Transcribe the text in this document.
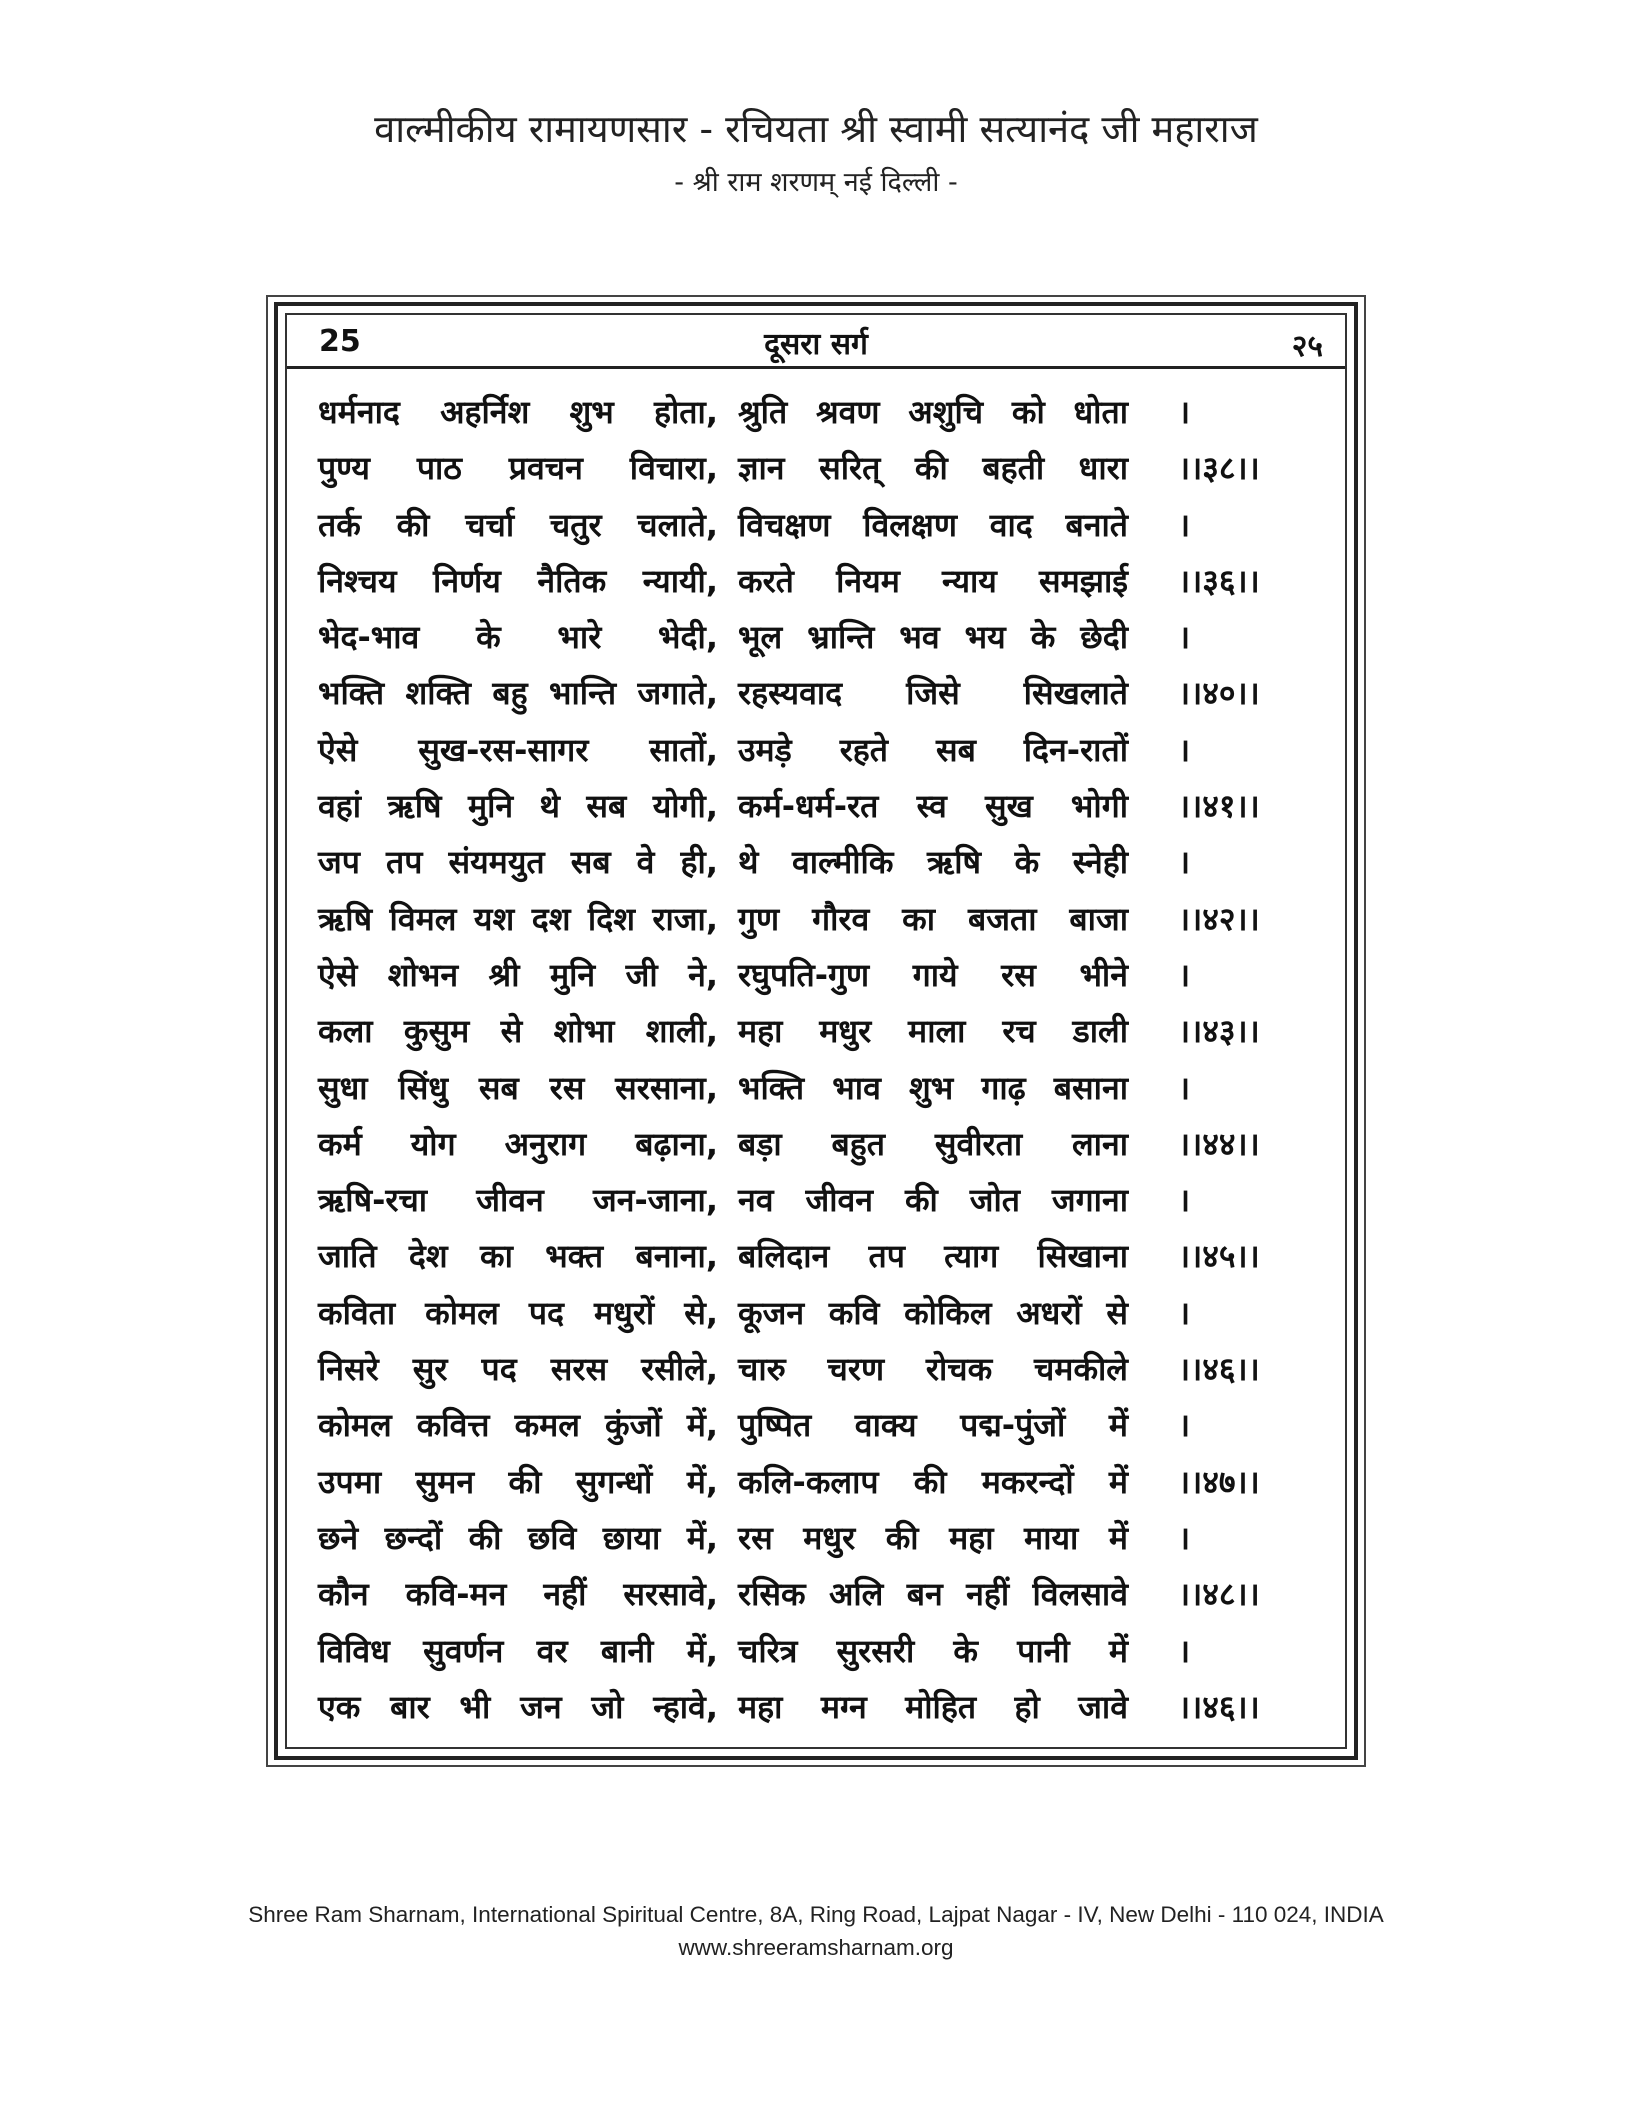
वाल्मीकीय रामायणसार - रचियता श्री स्वामी सत्यानंद जी महाराज
- श्री राम शरणम् नई दिल्ली -
25	दूसरा सर्ग	२५
धर्मनाद अहर्निश शुभ होता, श्रुति श्रवण अशुचि को धोता ।
पुण्य पाठ प्रवचन विचारा, ज्ञान सरित् की बहती धारा ।।३८।।
तर्क की चर्चा चतुर चलाते, विचक्षण विलक्षण वाद बनाते ।
निश्चय निर्णय नैतिक न्यायी, करते नियम न्याय समझाई ।।३६।।
भेद-भाव के भारे भेदी, भूल भ्रान्ति भव भय के छेदी ।
भक्ति शक्ति बहु भान्ति जगाते, रहस्यवाद जिसे सिखलाते ।।४०।।
ऐसे सुख-रस-सागर सातों, उमड़े रहते सब दिन-रातों ।
वहां ऋषि मुनि थे सब योगी, कर्म-धर्म-रत स्व सुख भोगी ।।४१।।
जप तप संयमयुत सब वे ही, थे वाल्मीकि ऋषि के स्नेही ।
ऋषि विमल यश दश दिश राजा, गुण गौरव का बजता बाजा ।।४२।।
ऐसे शोभन श्री मुनि जी ने, रघुपति-गुण गाये रस भीने ।
कला कुसुम से शोभा शाली, महा मधुर माला रच डाली ।।४३।।
सुधा सिंधु सब रस सरसाना, भक्ति भाव शुभ गाढ़ बसाना ।
कर्म योग अनुराग बढ़ाना, बड़ा बहुत सुवीरता लाना ।।४४।।
ऋषि-रचा जीवन जन-जाना, नव जीवन की जोत जगाना ।
जाति देश का भक्त बनाना, बलिदान तप त्याग सिखाना ।।४५।।
कविता कोमल पद मधुरों से, कूजन कवि कोकिल अधरों से ।
निसरे सुर पद सरस रसीले, चारु चरण रोचक चमकीले ।।४६।।
कोमल कवित्त कमल कुंजों में, पुष्पित वाक्य पद्म-पुंजों में ।
उपमा सुमन की सुगन्धों में, कलि-कलाप की मकरन्दों में ।।४७।।
छने छन्दों की छवि छाया में, रस मधुर की महा माया में ।
कौन कवि-मन नहीं सरसावे, रसिक अलि बन नहीं विलसावे ।।४८।।
विविध सुवर्णन वर बानी में, चरित्र सुरसरी के पानी में ।
एक बार भी जन जो न्हावे, महा मग्न मोहित हो जावे ।।४६।।
Shree Ram Sharnam, International Spiritual Centre, 8A, Ring Road, Lajpat Nagar - IV, New Delhi - 110 024, INDIA
www.shreeramsharnam.org
